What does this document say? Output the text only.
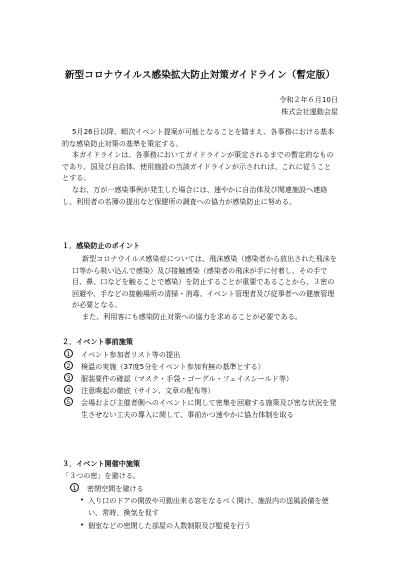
新型コロナウイルス感染拡大防止対策ガイドライン（暫定版）
令和２年６月10日
株式会社運動会屋
5月26日以降、順次イベント提案が可能となることを踏まえ、各事務における基本的な感染防止対策の基準を策定する。
本ガイドラインは、各事務においてガイドラインが策定されるまでの暫定的なものであり、国及び自治体、使用施設の当該ガイドラインが示されれば、これに従うこととする。
なお、万が一感染事例が発生した場合には、速やかに自治体及び関連施設へ連絡し、利用者の名簿の提出など保健所の調査への協力が感染防止に努める。
１．感染防止のポイント
新型コロナウイルス感染症については、飛沫感染（感染者から放出された飛沫を口等から吸い込んで感染）及び接触感染（感染者の飛沫が手に付着し、その手で目、鼻、口などを触ることで感染）を防止することが重要であることから、３密の回避や、手などの接触場所の清掃・消毒、イベント管理者及び従事者への健康管理が必要となる。
また、利用客にも感染防止対策への協力を求めることが必要である。
２．イベント事前施策
1	イベント参加者リスト等の提出
2	検温の実施（37度5分をイベント参加有無の基準とする）
3	服装要件の確認（マスク・手袋・ゴーグル・フェイスシールド等）
4	注意喚起の徹底（サイン、文章の配布等）
5	会場および主催者側へのイベントに関して密集を回避する施策及び密な状況を発生させない工夫の導入に関して、事前かつ速やかに協力体制を取る
３．イベント開催中施策
「３つの密」を避ける。
1	密閉空間を避ける
• 入り口のドアの開放や可動出来る窓をなるべく開け、施設内の送風設備を使い、常時、換気を促す
• 個室などの密閉した部屋の人数制限及び監視を行う
